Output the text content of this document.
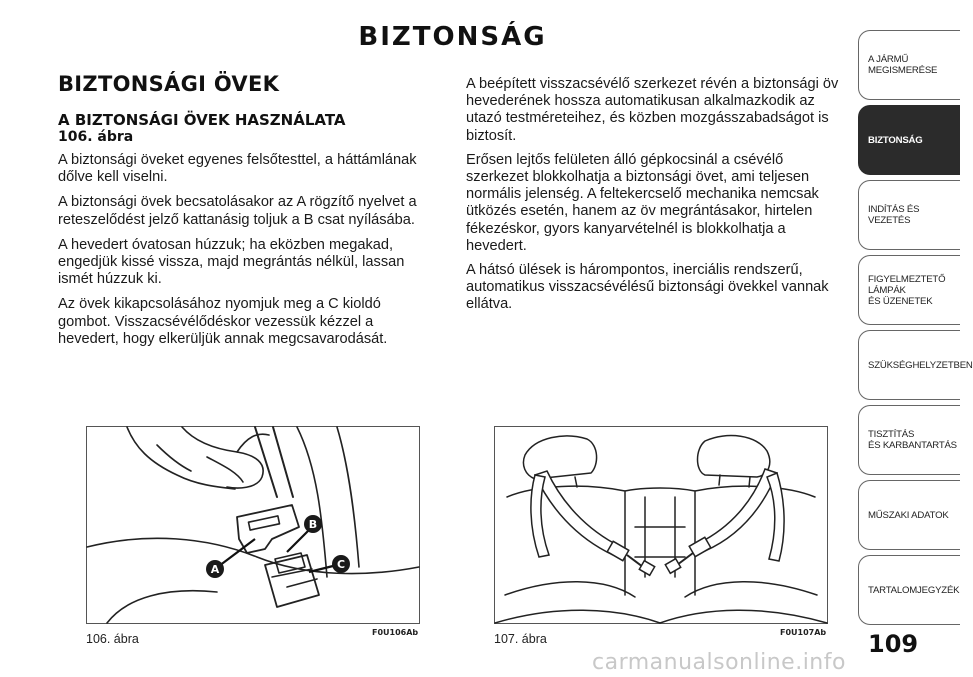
BIZTONSÁG
BIZTONSÁGI ÖVEK
A BIZTONSÁGI ÖVEK HASZNÁLATA
106. ábra

A biztonsági öveket egyenes felsőtesttel, a háttámlának dőlve kell viselni.

A biztonsági övek becsatolásakor az A rögzítő nyelvet a reteszelődést jelző kattanásig toljuk a B csat nyílásába.

A hevedert óvatosan húzzuk; ha eközben megakad, engedjük kissé vissza, majd megrántás nélkül, lassan ismét húzzuk ki.

Az övek kikapcsolásához nyomjuk meg a C kioldó gombot. Visszacsévélődéskor vezessük kézzel a hevedert, hogy elkerüljük annak megcsavarodását.

A beépített visszacsévélő szerkezet révén a biztonsági öv hevederének hossza automatikusan alkalmazkodik az utazó testméreteihez, és közben mozgásszabadságot is biztosít.

Erősen lejtős felületen álló gépkocsinál a csévélő szerkezet blokkolhatja a biztonsági övet, ami teljesen normális jelenség. A feltekercselő mechanika nemcsak ütközés esetén, hanem az öv megrántásakor, hirtelen fékezéskor, gyors kanyarvételnél is blokkolhatja a hevedert.

A hátsó ülések is hárompontos, inerciális rendszerű, automatikus visszacsévélésű biztonsági övekkel vannak ellátva.

A
B
C
106. ábra	F0U106Ab	107. ábra	F0U107Ab
A JÁRMŰ
MEGISMERÉSE
BIZTONSÁG
INDÍTÁS ÉS VEZETÉS
FIGYELMEZTETŐ
LÁMPÁK
ÉS ÜZENETEK
SZÜKSÉGHELYZETBEN
TISZTÍTÁS
ÉS KARBANTARTÁS
MŰSZAKI ADATOK
TARTALOMJEGYZÉK
109
carmanualsonline.info
